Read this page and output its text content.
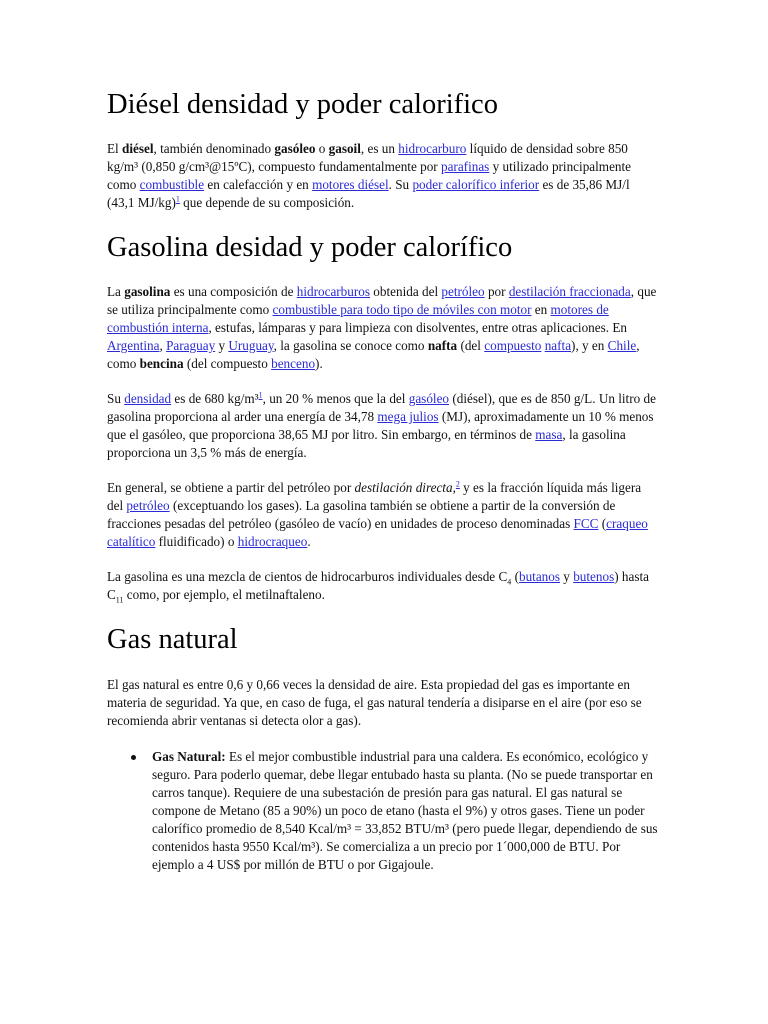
Diésel densidad y poder calorifico

El diésel, también denominado gasóleo o gasoil, es un hidrocarburo líquido de densidad sobre 850 kg/m³ (0,850 g/cm³@15ºC), compuesto fundamentalmente por parafinas y utilizado principalmente como combustible en calefacción y en motores diésel. Su poder calorífico inferior es de 35,86 MJ/l (43,1 MJ/kg)$^1$ que depende de su composición.

Gasolina desidad y poder calorífico

La gasolina es una composición de hidrocarburos obtenida del petróleo por destilación fraccionada, que se utiliza principalmente como combustible para todo tipo de móviles con motor en motores de combustión interna, estufas, lámparas y para limpieza con disolventes, entre otras aplicaciones. En Argentina, Paraguay y Uruguay, la gasolina se conoce como nafta (del compuesto nafta), y en Chile, como bencina (del compuesto benceno).

Su densidad es de 680 kg/m³$^1$, un 20 % menos que la del gasóleo (diésel), que es de 850 g/L. Un litro de gasolina proporciona al arder una energía de 34,78 mega julios (MJ), aproximadamente un 10 % menos que el gasóleo, que proporciona 38,65 MJ por litro. Sin embargo, en términos de masa, la gasolina proporciona un 3,5 % más de energía.

En general, se obtiene a partir del petróleo por destilación directa,$^2$ y es la fracción líquida más ligera del petróleo (exceptuando los gases). La gasolina también se obtiene a partir de la conversión de fracciones pesadas del petróleo (gasóleo de vacío) en unidades de proceso denominadas FCC (craqueo catalítico fluidificado) o hidrocraqueo.

La gasolina es una mezcla de cientos de hidrocarburos individuales desde $C_4$ (butanos y butenos) hasta $C_{11}$ como, por ejemplo, el metilnaftaleno.

Gas natural

El gas natural es entre 0,6 y 0,66 veces la densidad de aire. Esta propiedad del gas es importante en materia de seguridad. Ya que, en caso de fuga, el gas natural tendería a disiparse en el aire (por eso se recomienda abrir ventanas si detecta olor a gas).

Gas Natural: Es el mejor combustible industrial para una caldera. Es económico, ecológico y seguro. Para poderlo quemar, debe llegar entubado hasta su planta. (No se puede transportar en carros tanque). Requiere de una subestación de presión para gas natural. El gas natural se compone de Metano (85 a 90%) un poco de etano (hasta el 9%) y otros gases. Tiene un poder calorífico promedio de 8,540 Kcal/m³ = 33,852 BTU/m³ (pero puede llegar, dependiendo de sus contenidos hasta 9550 Kcal/m³). Se comercializa a un precio por 1´000,000 de BTU. Por ejemplo a 4 US$ por millón de BTU o por Gigajoule.
